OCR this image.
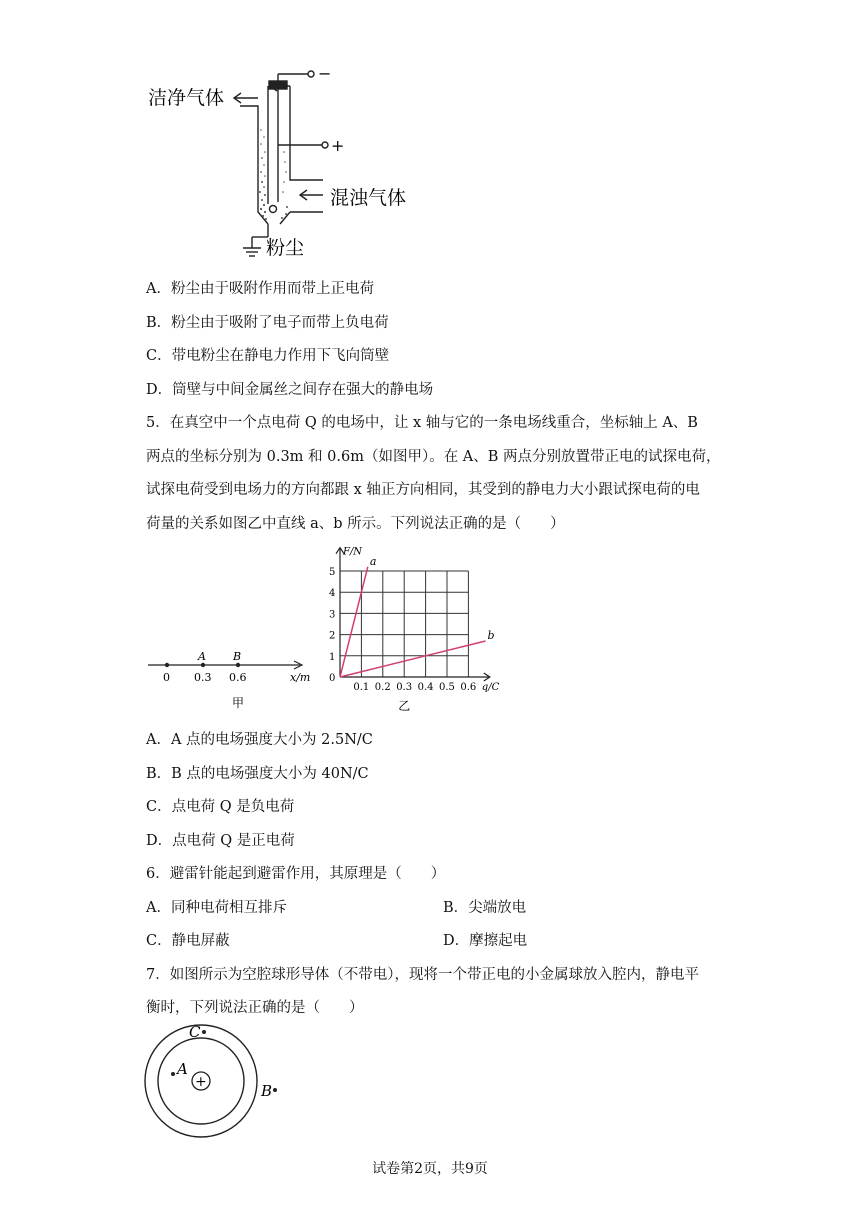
洁净气体
混浊气体
粉尘
−
+
A．粉尘由于吸附作用而带上正电荷
B．粉尘由于吸附了电子而带上负电荷
C．带电粉尘在静电力作用下飞向筒壁
D．筒壁与中间金属丝之间存在强大的静电场
5．在真空中一个点电荷 Q 的电场中，让 x 轴与它的一条电场线重合，坐标轴上 A、B
两点的坐标分别为 0.3m 和 0.6m（如图甲）。在 A、B 两点分别放置带正电的试探电荷，
试探电荷受到电场力的方向都跟 x 轴正方向相同，其受到的静电力大小跟试探电荷的电
荷量的关系如图乙中直线 a、b 所示。下列说法正确的是（　　）
A B
0 0.3 0.6	x/m
甲
0.1 0.2 0.3 0.4 0.5 0.6
1
2
3
4
5
0
F/N
q/C
a
b
乙
A．A 点的电场强度大小为 2.5N/C
B．B 点的电场强度大小为 40N/C
C．点电荷 Q 是负电荷
D．点电荷 Q 是正电荷
6．避雷针能起到避雷作用，其原理是（　　）
A．同种电荷相互排斥	B．尖端放电
C．静电屏蔽	D．摩擦起电
7．如图所示为空腔球形导体（不带电），现将一个带正电的小金属球放入腔内，静电平
衡时，下列说法正确的是（　　）
+
A
C
B
试卷第2页，共9页
